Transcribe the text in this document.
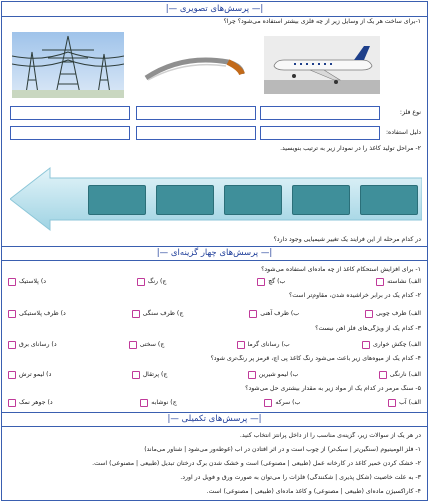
|— پرسش‌های تصویری —|
۱-برای ساخت هر یک از وسایل زیر از چه فلزی بیشتر استفاده می‌شود؟ چرا؟
نوع فلز:
دلیل استفاده:
۲- مراحل تولید کاغذ را در نمودار زیر به ترتیب بنویسید.
در کدام مرحله از این فرآیند یک تغییر شیمیایی وجود دارد؟
|— پرسش‌های چهار گزینه‌ای —|
۱- برای افزایش استحکام کاغذ از چه ماده‌ای استفاده می‌شود؟
الف) نشاسته
ب) گچ
ج) رنگ
د) پلاستیک
۲- کدام یک در برابر خراشیده شدن، مقاوم‌تر است؟
الف) ظرف چوبی
ب) ظرف آهنی
ج) ظرف سنگی
د) ظرف پلاستیکی
۳- کدام یک از ویژگی‌های فلز آهن نیست؟
الف) چکش خواری
ب) رسانای گرما
ج) سختی
د) رسانای برق
۴- کدام یک از میوه‌های زیر باعث می‌شود رنگ کاغذ پی اچ، قرمز پر رنگ‌تری شود؟
الف) نارنگی
ب) لیمو شیرین
ج) پرتقال
د) لیمو ترش
۵- سنگ مرمر در کدام یک از مواد زیر به مقدار بیشتری حل می‌شود؟
الف) آب
ب) سرکه
ج) نوشابه
د) جوهر نمک
|— پرسش‌های تکمیلی —|
در هر یک از سوالات زیر، گزینه‌ی مناسب را از داخل پرانتز انتخاب کنید.
۱- فلز آلومینیوم (سنگین‌تر | سبک‌تر) از چوب است و در اثر افتادن در آب (غوطه‌ور می‌شود | شناور می‌ماند)
۲- خشک کردن خمیر کاغذ در کارخانه عمل (طبیعی | مصنوعی) است و خشک شدن برگ درختان تبدیل (طبیعی | مصنوعی) است.
۳- به علت خاصیت (شکل پذیری | شکنندگی) فلزات را می‌توان به صورت ورق و فویل در آورد.
۴- کارآکسیژن ماده‌ای (طبیعی | مصنوعی) و کاغذ ماده‌ای (طبیعی | مصنوعی) است.
